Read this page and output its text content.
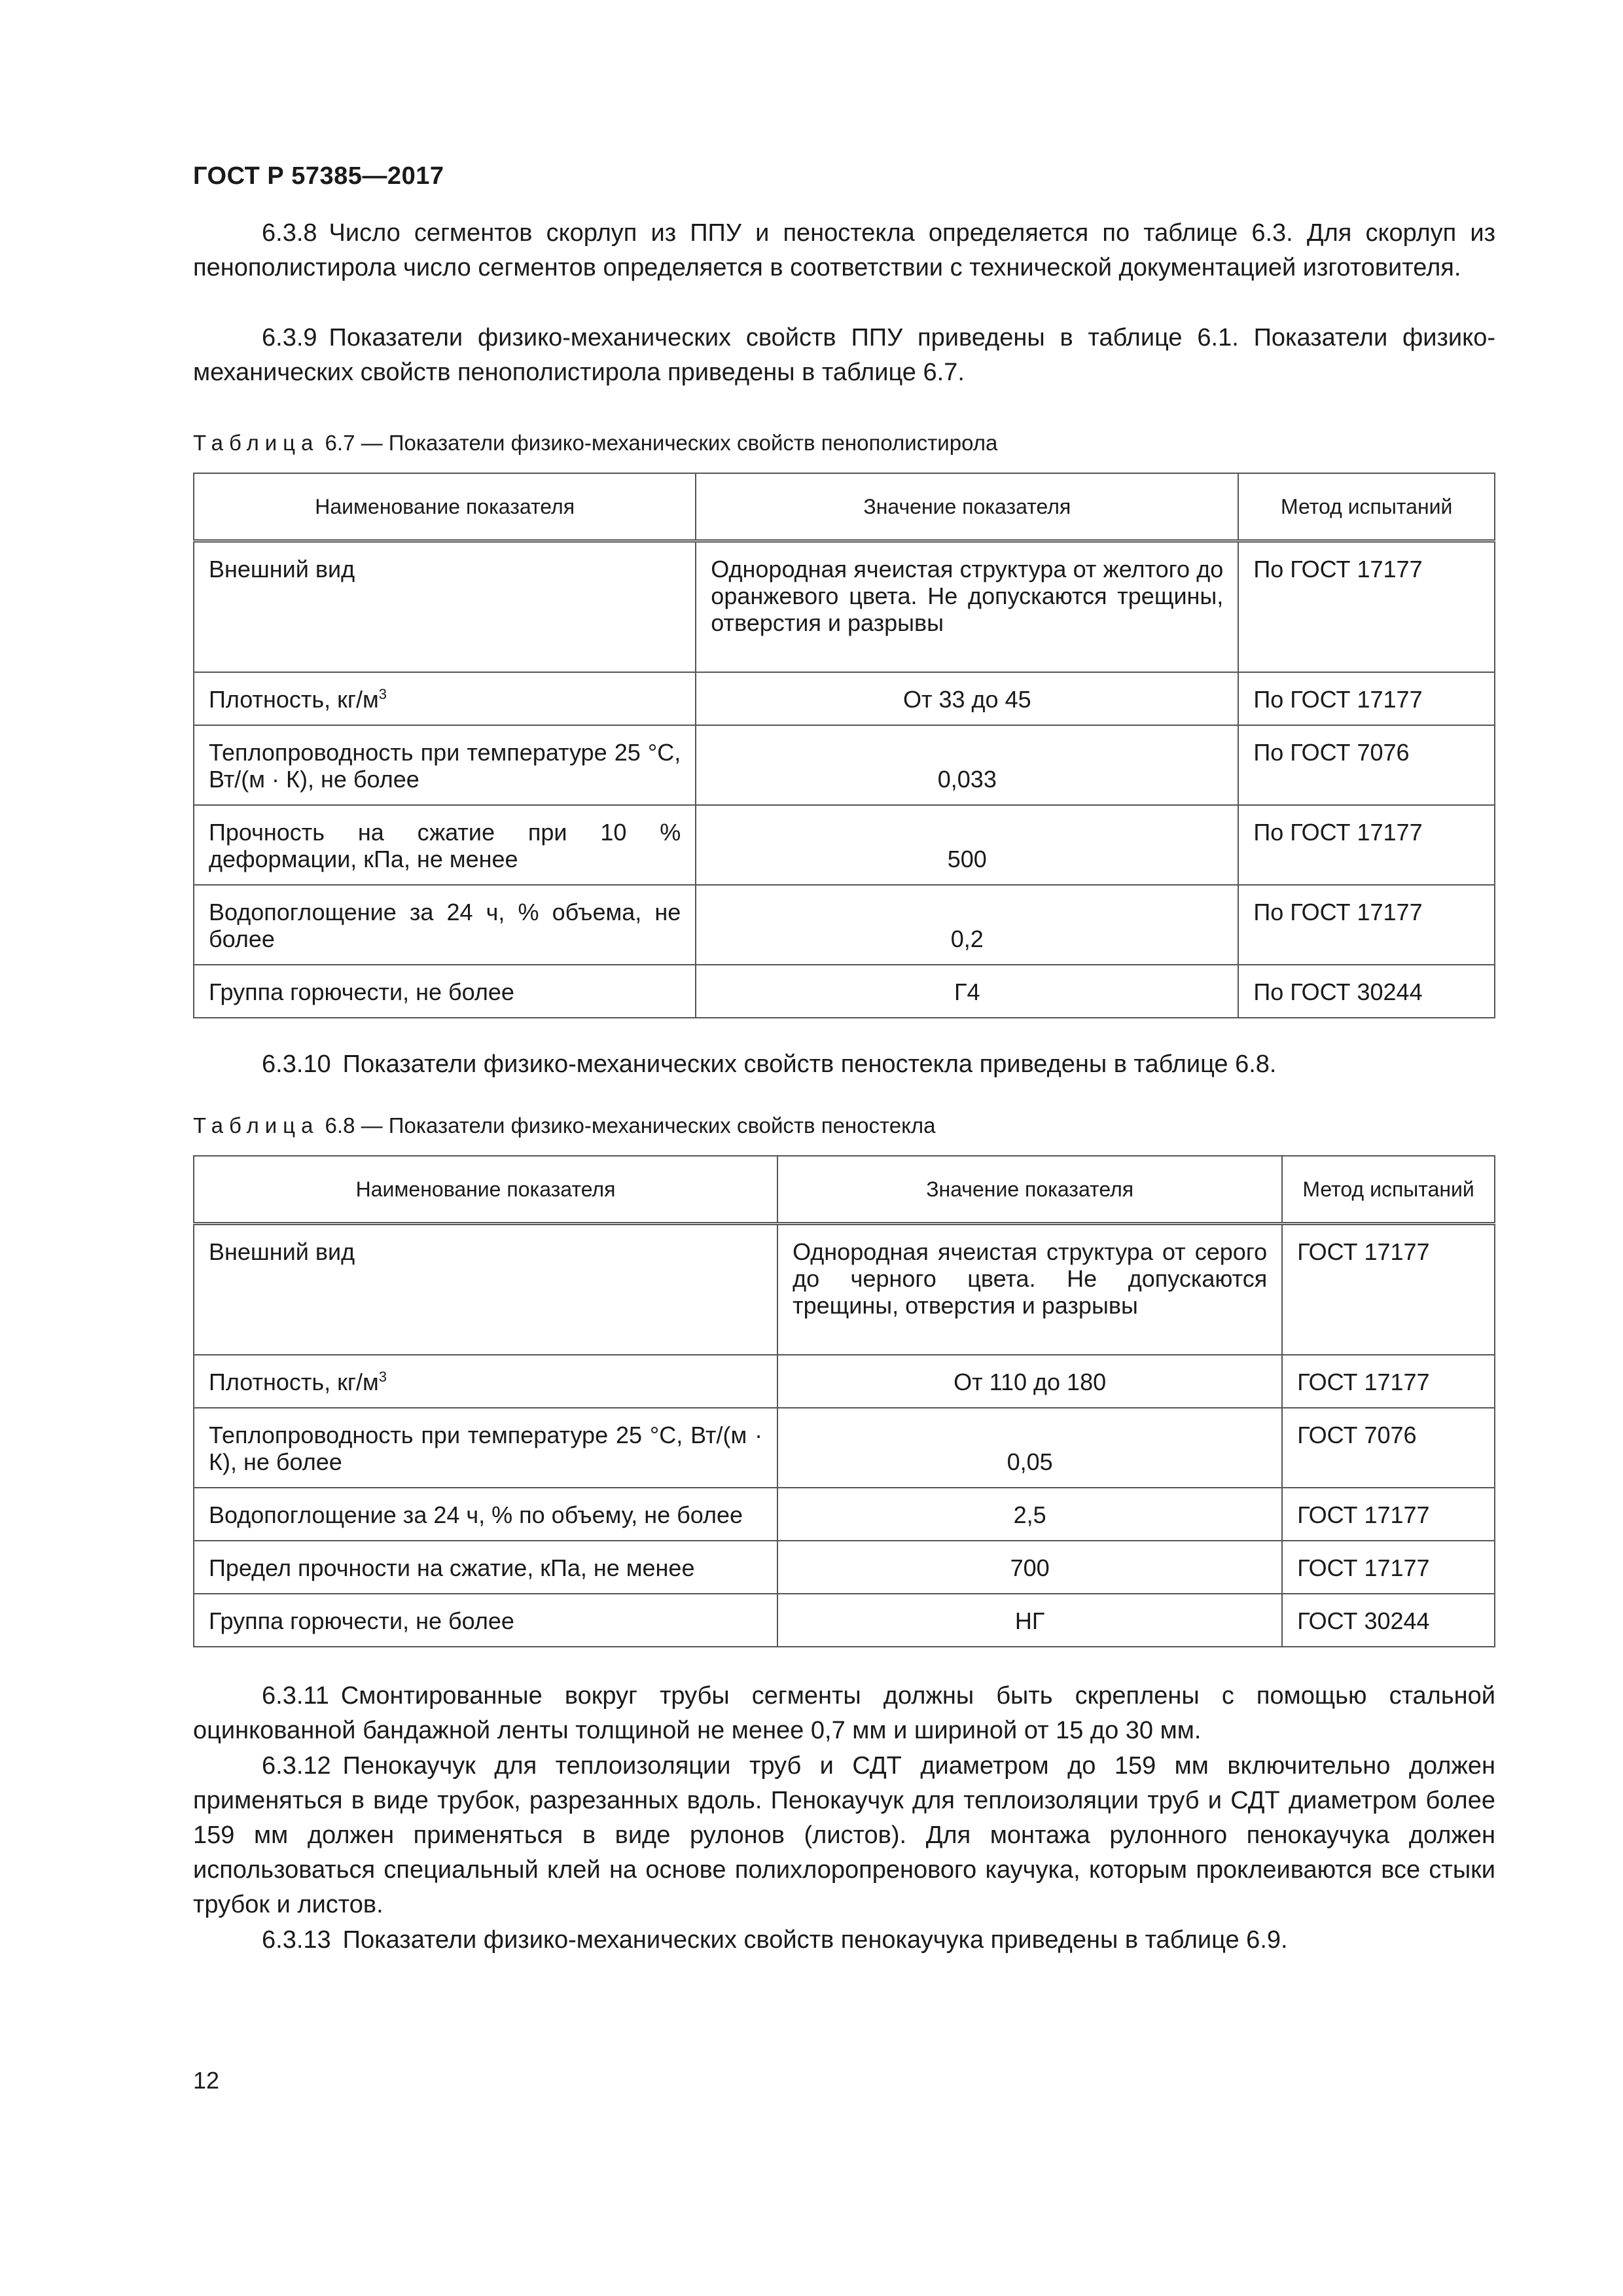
ГОСТ Р 57385—2017

6.3.8 Число сегментов скорлуп из ППУ и пеностекла определяется по таблице 6.3. Для скорлуп из пенополистирола число сегментов определяется в соответствии с технической документацией изготовителя.

6.3.9 Показатели физико-механических свойств ППУ приведены в таблице 6.1. Показатели физико-механических свойств пенополистирола приведены в таблице 6.7.

Таблица 6.7 — Показатели физико-механических свойств пенополистирола
Наименование показателя	Значение показателя	Метод испытаний
Внешний вид	Однородная ячеистая структура от желтого до оранжевого цвета. Не допускаются трещины, отверстия и разрывы	По ГОСТ 17177
Плотность, $кг/м^3$	От 33 до 45	По ГОСТ 17177
Теплопроводность при температуре 25 °С, Вт/(м · К), не более	0,033	По ГОСТ 7076
Прочность на сжатие при 10 % деформации, кПа, не менее	500	По ГОСТ 17177
Водопоглощение за 24 ч, % объема, не более	0,2	По ГОСТ 17177
Группа горючести, не более	Г4	По ГОСТ 30244

6.3.10 Показатели физико-механических свойств пеностекла приведены в таблице 6.8.

Таблица 6.8 — Показатели физико-механических свойств пеностекла
Наименование показателя	Значение показателя	Метод испытаний
Внешний вид	Однородная ячеистая структура от серого до черного цвета. Не допускаются трещины, отверстия и разрывы	ГОСТ 17177
Плотность, $кг/м^3$	От 110 до 180	ГОСТ 17177
Теплопроводность при температуре 25 °С, Вт/(м · К), не более	0,05	ГОСТ 7076
Водопоглощение за 24 ч, % по объему, не более	2,5	ГОСТ 17177
Предел прочности на сжатие, кПа, не менее	700	ГОСТ 17177
Группа горючести, не более	НГ	ГОСТ 30244

6.3.11 Смонтированные вокруг трубы сегменты должны быть скреплены с помощью стальной оцинкованной бандажной ленты толщиной не менее 0,7 мм и шириной от 15 до 30 мм.

6.3.12 Пенокаучук для теплоизоляции труб и СДТ диаметром до 159 мм включительно должен применяться в виде трубок, разрезанных вдоль. Пенокаучук для теплоизоляции труб и СДТ диаметром более 159 мм должен применяться в виде рулонов (листов). Для монтажа рулонного пенокаучука должен использоваться специальный клей на основе полихлоропренового каучука, которым проклеиваются все стыки трубок и листов.

6.3.13 Показатели физико-механических свойств пенокаучука приведены в таблице 6.9.

12
